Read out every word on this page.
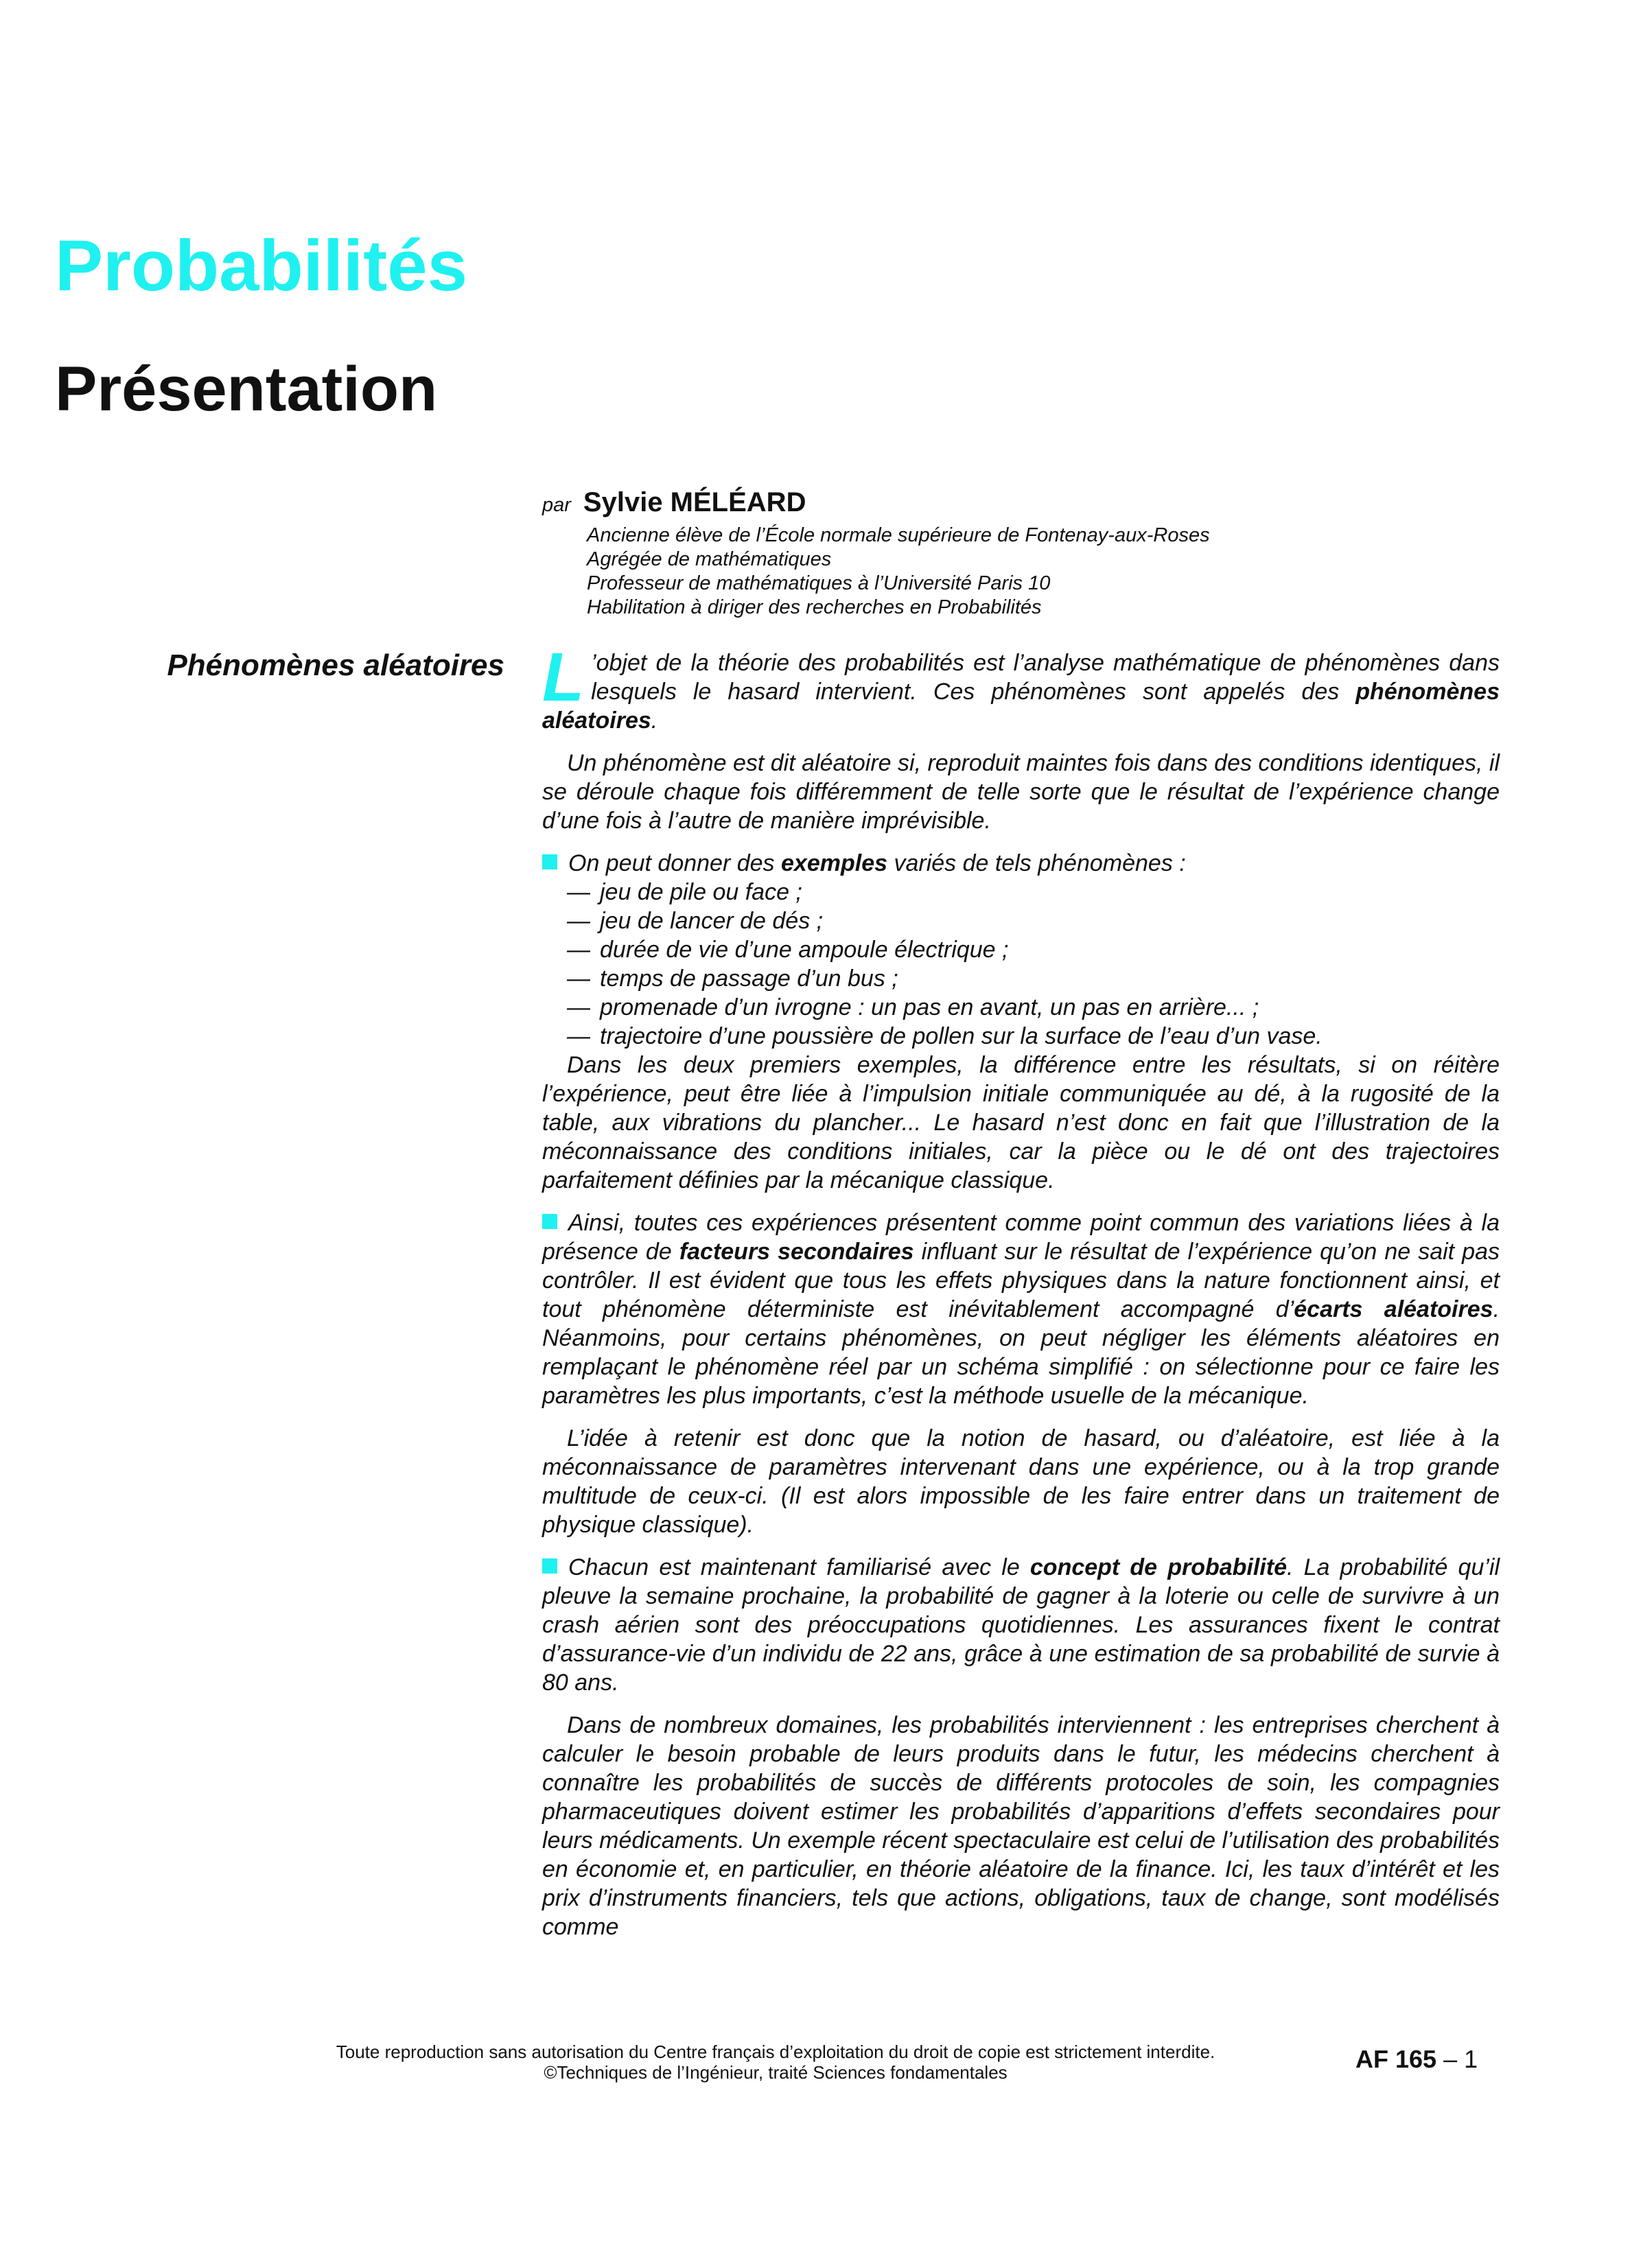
Probabilités
Présentation
par Sylvie MÉLÉARD
Ancienne élève de l’École normale supérieure de Fontenay-aux-Roses
Agrégée de mathématiques
Professeur de mathématiques à l’Université Paris 10
Habilitation à diriger des recherches en Probabilités
Phénomènes aléatoires L ’objet de la théorie des probabilités est l’analyse mathématique de phénomènes dans lesquels le hasard intervient. Ces phénomènes sont appelés des phénomènes aléatoires.

Un phénomène est dit aléatoire si, reproduit maintes fois dans des conditions identiques, il se déroule chaque fois différemment de telle sorte que le résultat de l’expérience change d’une fois à l’autre de manière imprévisible.

On peut donner des exemples variés de tels phénomènes :

— jeu de pile ou face ;
— jeu de lancer de dés ;
— durée de vie d’une ampoule électrique ;
— temps de passage d’un bus ;
— promenade d’un ivrogne : un pas en avant, un pas en arrière... ;
— trajectoire d’une poussière de pollen sur la surface de l’eau d’un vase.

Dans les deux premiers exemples, la différence entre les résultats, si on réitère l’expérience, peut être liée à l’impulsion initiale communiquée au dé, à la rugosité de la table, aux vibrations du plancher... Le hasard n’est donc en fait que l’illustration de la méconnaissance des conditions initiales, car la pièce ou le dé ont des trajectoires parfaitement définies par la mécanique classique.

Ainsi, toutes ces expériences présentent comme point commun des variations liées à la présence de facteurs secondaires influant sur le résultat de l’expérience qu’on ne sait pas contrôler. Il est évident que tous les effets physiques dans la nature fonctionnent ainsi, et tout phénomène déterministe est inévitablement accompagné d’écarts aléatoires. Néanmoins, pour certains phénomènes, on peut négliger les éléments aléatoires en remplaçant le phénomène réel par un schéma simplifié : on sélectionne pour ce faire les paramètres les plus importants, c’est la méthode usuelle de la mécanique.

L’idée à retenir est donc que la notion de hasard, ou d’aléatoire, est liée à la méconnaissance de paramètres intervenant dans une expérience, ou à la trop grande multitude de ceux-ci. (Il est alors impossible de les faire entrer dans un traitement de physique classique).

Chacun est maintenant familiarisé avec le concept de probabilité. La probabilité qu’il pleuve la semaine prochaine, la probabilité de gagner à la loterie ou celle de survivre à un crash aérien sont des préoccupations quotidiennes. Les assurances fixent le contrat d’assurance-vie d’un individu de 22 ans, grâce à une estimation de sa probabilité de survie à 80 ans.

Dans de nombreux domaines, les probabilités interviennent : les entreprises cherchent à calculer le besoin probable de leurs produits dans le futur, les médecins cherchent à connaître les probabilités de succès de différents protocoles de soin, les compagnies pharmaceutiques doivent estimer les probabilités d’apparitions d’effets secondaires pour leurs médicaments. Un exemple récent spectaculaire est celui de l’utilisation des probabilités en économie et, en particulier, en théorie aléatoire de la finance. Ici, les taux d’intérêt et les prix d’instruments financiers, tels que actions, obligations, taux de change, sont modélisés comme

Toute reproduction sans autorisation du Centre français d’exploitation du droit de copie est strictement interdite.
©Techniques de l’Ingénieur, traité Sciences fondamentales	AF 165 – 1
